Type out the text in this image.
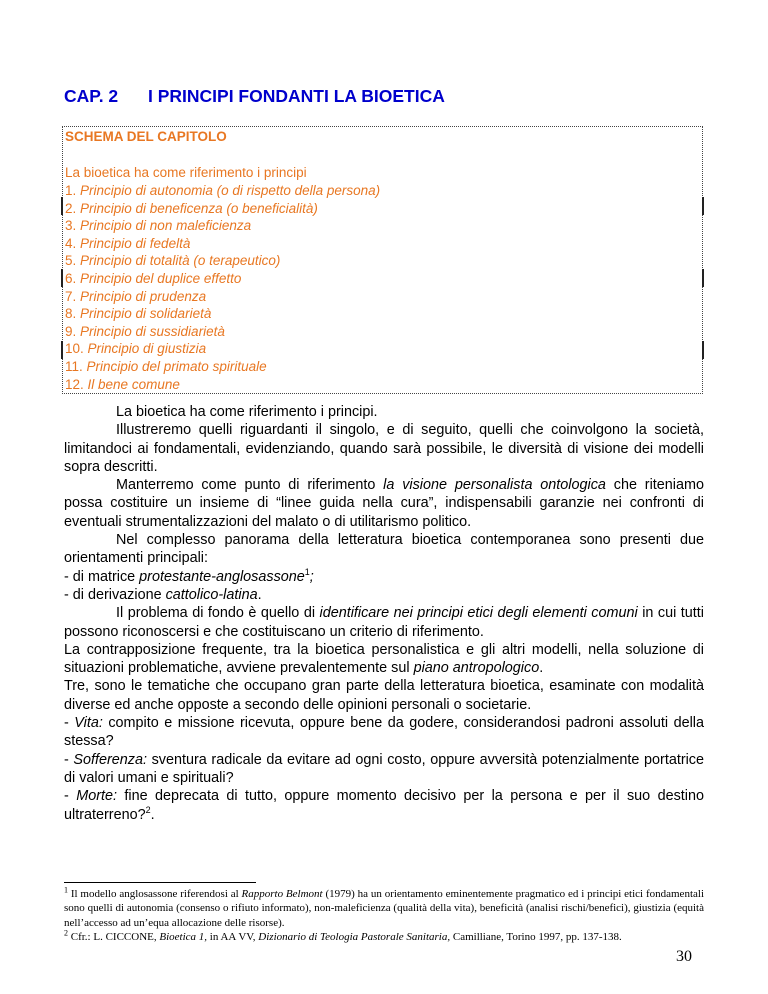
CAP. 2 I PRINCIPI FONDANTI LA BIOETICA
SCHEMA DEL CAPITOLO
La bioetica ha come riferimento i principi
1. Principio di autonomia (o di rispetto della persona)
2. Principio di beneficenza (o beneficialità)
3. Principio di non maleficienza
4. Principio di fedeltà
5. Principio di totalità (o terapeutico)
6. Principio del duplice effetto
7. Principio di prudenza
8. Principio di solidarietà
9. Principio di sussidiarietà
10. Principio di giustizia
11. Principio del primato spirituale
12. Il bene comune

La bioetica ha come riferimento i principi.

Illustreremo quelli riguardanti il singolo, e di seguito, quelli che coinvolgono la società, limitandoci ai fondamentali, evidenziando, quando sarà possibile, le diversità di visione dei modelli sopra descritti.

Manterremo come punto di riferimento la visione personalista ontologica che riteniamo possa costituire un insieme di “linee guida nella cura”, indispensabili garanzie nei confronti di eventuali strumentalizzazioni del malato o di utilitarismo politico.

Nel complesso panorama della letteratura bioetica contemporanea sono presenti due orientamenti principali:

- di matrice protestante-anglosassone$^1$;

- di derivazione cattolico-latina.

Il problema di fondo è quello di identificare nei principi etici degli elementi comuni in cui tutti possono riconoscersi e che costituiscano un criterio di riferimento.

La contrapposizione frequente, tra la bioetica personalistica e gli altri modelli, nella soluzione di situazioni problematiche, avviene prevalentemente sul piano antropologico.

Tre, sono le tematiche che occupano gran parte della letteratura bioetica, esaminate con modalità diverse ed anche opposte a secondo delle opinioni personali o societarie.

- Vita: compito e missione ricevuta, oppure bene da godere, considerandosi padroni assoluti della stessa?

- Sofferenza: sventura radicale da evitare ad ogni costo, oppure avversità potenzialmente portatrice di valori umani e spirituali?

- Morte: fine deprecata di tutto, oppure momento decisivo per la persona e per il suo destino ultraterreno?$^2$.

$^1$ Il modello anglosassone riferendosi al Rapporto Belmont (1979) ha un orientamento eminentemente pragmatico ed i principi etici fondamentali sono quelli di autonomia (consenso o rifiuto informato), non-maleficienza (qualità della vita), beneficità (analisi rischi/benefici), giustizia (equità nell’accesso ad un’equa allocazione delle risorse).

$^2$ Cfr.: L. CICCONE, Bioetica 1, in AA VV, Dizionario di Teologia Pastorale Sanitaria, Camilliane, Torino 1997, pp. 137-138.

30
